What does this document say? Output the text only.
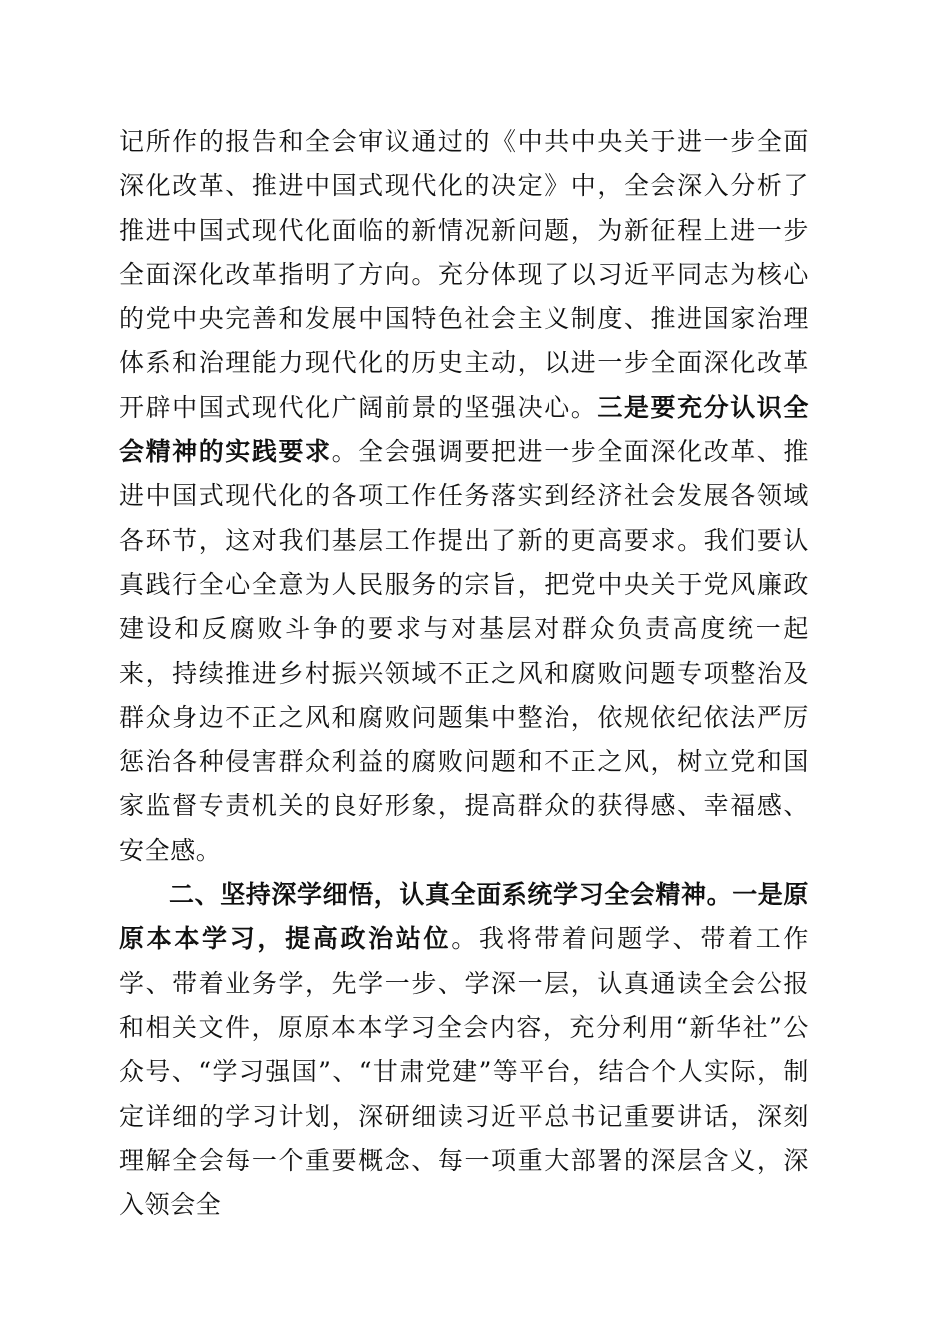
记所作的报告和全会审议通过的《中共中央关于进一步全面深化改革、推进中国式现代化的决定》中，全会深入分析了推进中国式现代化面临的新情况新问题，为新征程上进一步全面深化改革指明了方向。充分体现了以习近平同志为核心的党中央完善和发展中国特色社会主义制度、推进国家治理体系和治理能力现代化的历史主动，以进一步全面深化改革开辟中国式现代化广阔前景的坚强决心。三是要充分认识全会精神的实践要求。全会强调要把进一步全面深化改革、推进中国式现代化的各项工作任务落实到经济社会发展各领域各环节，这对我们基层工作提出了新的更高要求。我们要认真践行全心全意为人民服务的宗旨，把党中央关于党风廉政建设和反腐败斗争的要求与对基层对群众负责高度统一起来，持续推进乡村振兴领域不正之风和腐败问题专项整治及群众身边不正之风和腐败问题集中整治，依规依纪依法严厉惩治各种侵害群众利益的腐败问题和不正之风，树立党和国家监督专责机关的良好形象，提高群众的获得感、幸福感、安全感。

二、坚持深学细悟，认真全面系统学习全会精神。一是原原本本学习，提高政治站位。我将带着问题学、带着工作学、带着业务学，先学一步、学深一层，认真通读全会公报和相关文件，原原本本学习全会内容，充分利用“新华社”公众号、“学习强国”、“甘肃党建”等平台，结合个人实际，制定详细的学习计划，深研细读习近平总书记重要讲话，深刻理解全会每一个重要概念、每一项重大部署的深层含义，深入领会全
